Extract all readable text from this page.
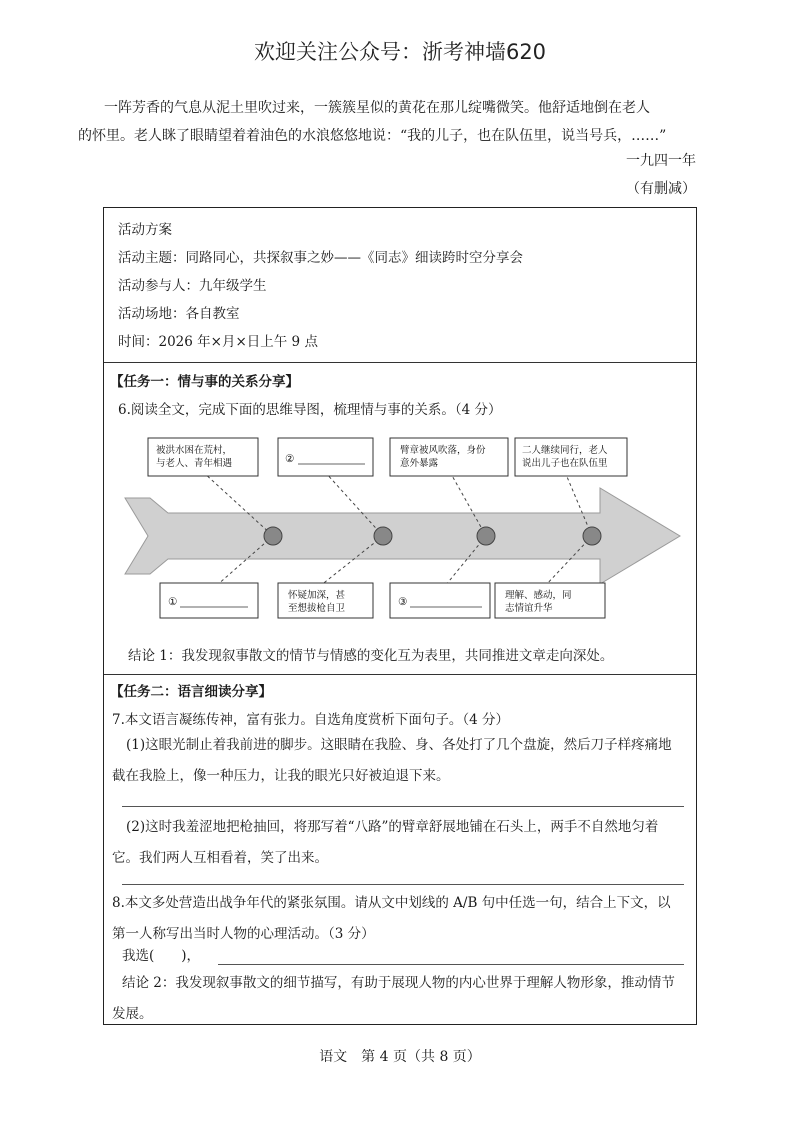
欢迎关注公众号：浙考神墙620
一阵芳香的气息从泥土里吹过来，一簇簇星似的黄花在那儿绽嘴微笑。他舒适地倒在老人
的怀里。老人眯了眼睛望着着油色的水浪悠悠地说：“我的儿子，也在队伍里，说当号兵，……”
一九四一年
（有删减）
活动方案
活动主题：同路同心，共探叙事之妙——《同志》细读跨时空分享会
活动参与人：九年级学生
活动场地：各自教室
时间：2026 年×月×日上午 9 点
【任务一：情与事的关系分享】
6.阅读全文，完成下面的思维导图，梳理情与事的关系。（4 分）
被洪水困在荒村，与老人、青年相遇	②
臂章被风吹落，身份意外暴露
二人继续同行，老人说出儿子也在队伍里
①
怀疑加深，甚至想拔枪自卫
③
理解、感动，同志情谊升华
结论 1：我发现叙事散文的情节与情感的变化互为表里，共同推进文章走向深处。
【任务二：语言细读分享】
7.本文语言凝练传神，富有张力。自选角度赏析下面句子。（4 分）
(1)这眼光制止着我前进的脚步。这眼睛在我脸、身、各处打了几个盘旋，然后刀子样疼痛地截在我脸上，像一种压力，让我的眼光只好被迫退下来。
(2)这时我羞涩地把枪抽回，将那写着“八路”的臂章舒展地铺在石头上，两手不自然地匀着它。我们两人互相看着，笑了出来。
8.本文多处营造出战争年代的紧张氛围。请从文中划线的 A/B 句中任选一句，结合上下文，以第一人称写出当时人物的心理活动。（3 分）
我选(　　)，
结论 2：我发现叙事散文的细节描写，有助于展现人物的内心世界于理解人物形象，推动情节发展。
语文　第 4 页（共 8 页）
